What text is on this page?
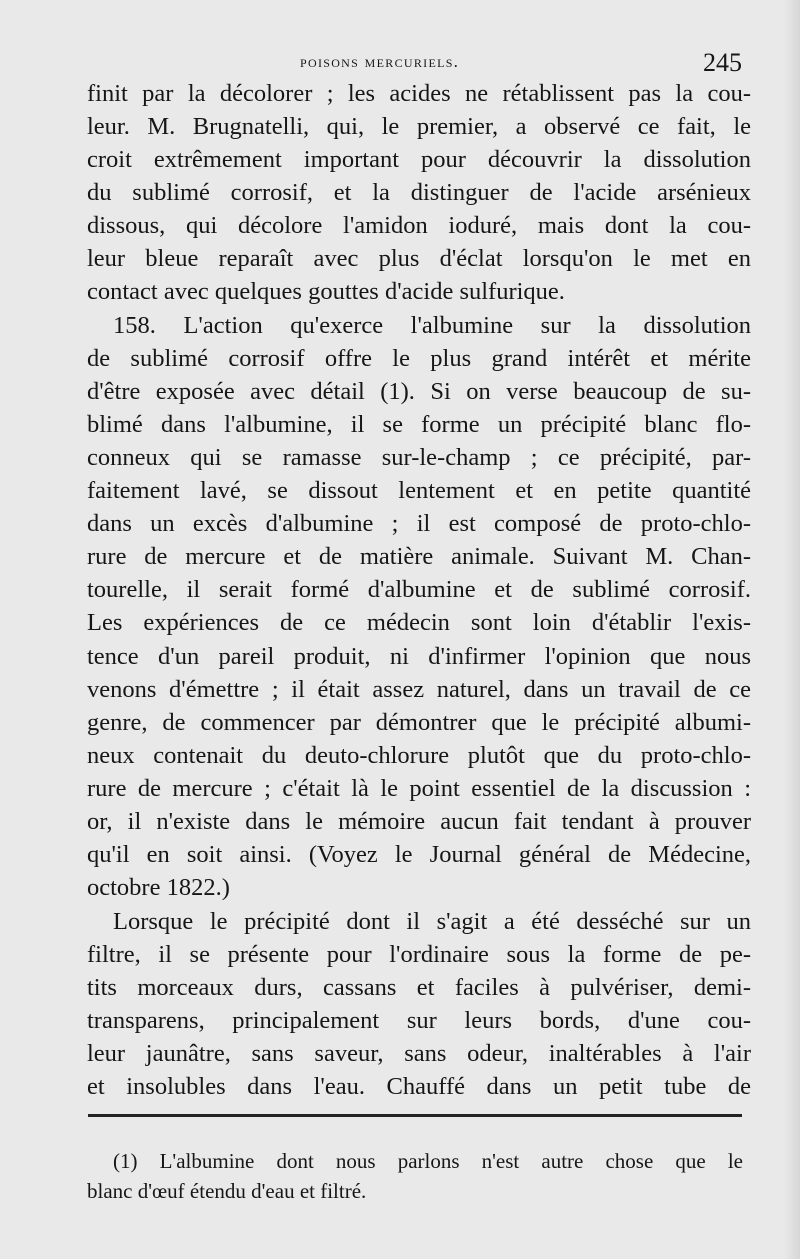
poisons mercuriels.	245
finit par la décolorer ; les acides ne rétablissent pas la cou-
leur. M. Brugnatelli, qui, le premier, a observé ce fait, le
croit extrêmement important pour découvrir la dissolution
du sublimé corrosif, et la distinguer de l'acide arsénieux
dissous, qui décolore l'amidon ioduré, mais dont la cou-
leur bleue reparaît avec plus d'éclat lorsqu'on le met en
contact avec quelques gouttes d'acide sulfurique.
158. L'action qu'exerce l'albumine sur la dissolution
de sublimé corrosif offre le plus grand intérêt et mérite
d'être exposée avec détail (1). Si on verse beaucoup de su-
blimé dans l'albumine, il se forme un précipité blanc flo-
conneux qui se ramasse sur-le-champ ; ce précipité, par-
faitement lavé, se dissout lentement et en petite quantité
dans un excès d'albumine ; il est composé de proto-chlo-
rure de mercure et de matière animale. Suivant M. Chan-
tourelle, il serait formé d'albumine et de sublimé corrosif.
Les expériences de ce médecin sont loin d'établir l'exis-
tence d'un pareil produit, ni d'infirmer l'opinion que nous
venons d'émettre ; il était assez naturel, dans un travail de ce
genre, de commencer par démontrer que le précipité albumi-
neux contenait du deuto-chlorure plutôt que du proto-chlo-
rure de mercure ; c'était là le point essentiel de la discussion :
or, il n'existe dans le mémoire aucun fait tendant à prouver
qu'il en soit ainsi. (Voyez le Journal général de Médecine,
octobre 1822.)
Lorsque le précipité dont il s'agit a été desséché sur un
filtre, il se présente pour l'ordinaire sous la forme de pe-
tits morceaux durs, cassans et faciles à pulvériser, demi-
transparens, principalement sur leurs bords, d'une cou-
leur jaunâtre, sans saveur, sans odeur, inaltérables à l'air
et insolubles dans l'eau. Chauffé dans un petit tube de
(1) L'albumine dont nous parlons n'est autre chose que le
blanc d'œuf étendu d'eau et filtré.
